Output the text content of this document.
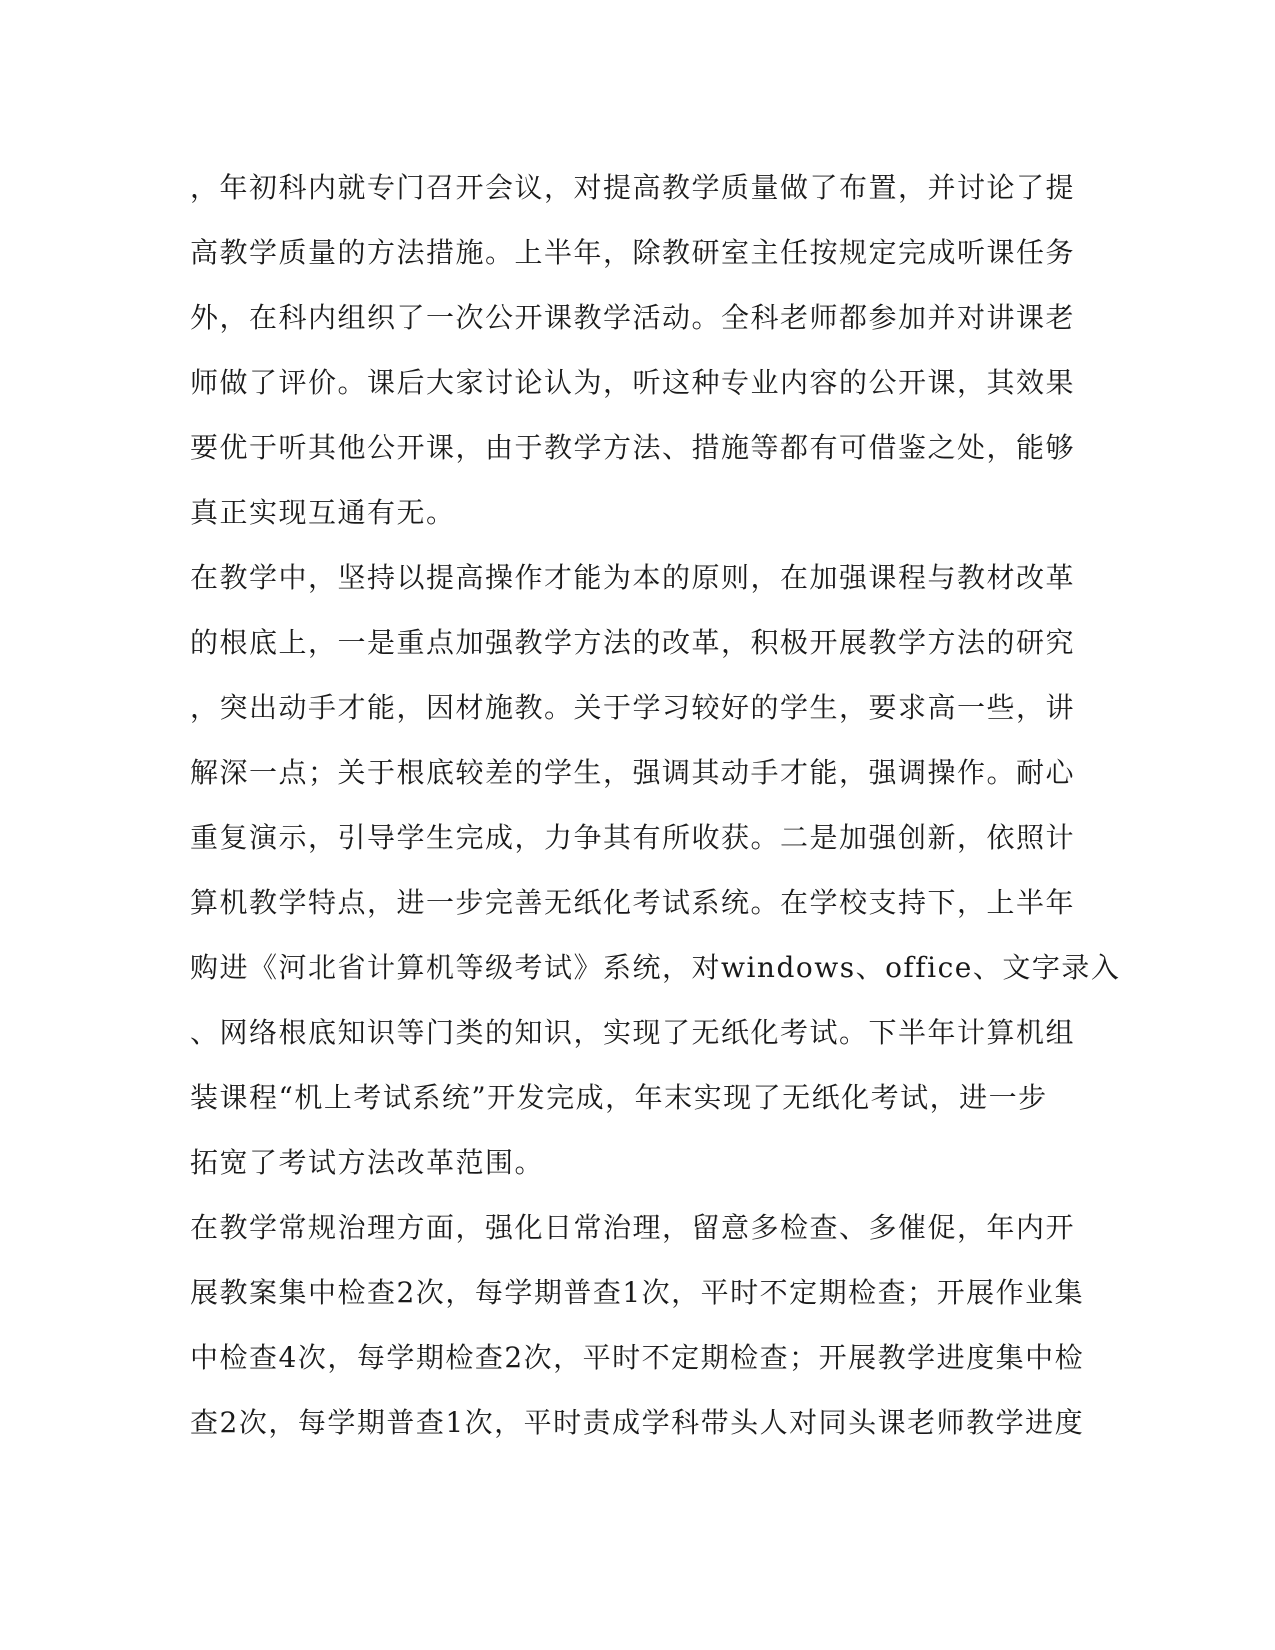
，年初科内就专门召开会议，对提高教学质量做了布置，并讨论了提
高教学质量的方法措施。上半年，除教研室主任按规定完成听课任务
外，在科内组织了一次公开课教学活动。全科老师都参加并对讲课老
师做了评价。课后大家讨论认为，听这种专业内容的公开课，其效果
要优于听其他公开课，由于教学方法、措施等都有可借鉴之处，能够
真正实现互通有无。
在教学中，坚持以提高操作才能为本的原则，在加强课程与教材改革
的根底上，一是重点加强教学方法的改革，积极开展教学方法的研究
，突出动手才能，因材施教。关于学习较好的学生，要求高一些，讲
解深一点；关于根底较差的学生，强调其动手才能，强调操作。耐心
重复演示，引导学生完成，力争其有所收获。二是加强创新，依照计
算机教学特点，进一步完善无纸化考试系统。在学校支持下，上半年
购进《河北省计算机等级考试》系统，对windows、office、文字录入
、网络根底知识等门类的知识，实现了无纸化考试。下半年计算机组
装课程“机上考试系统”开发完成，年末实现了无纸化考试，进一步
拓宽了考试方法改革范围。
在教学常规治理方面，强化日常治理，留意多检查、多催促，年内开
展教案集中检查2次，每学期普查1次，平时不定期检查；开展作业集
中检查4次，每学期检查2次，平时不定期检查；开展教学进度集中检
查2次，每学期普查1次，平时责成学科带头人对同头课老师教学进度
